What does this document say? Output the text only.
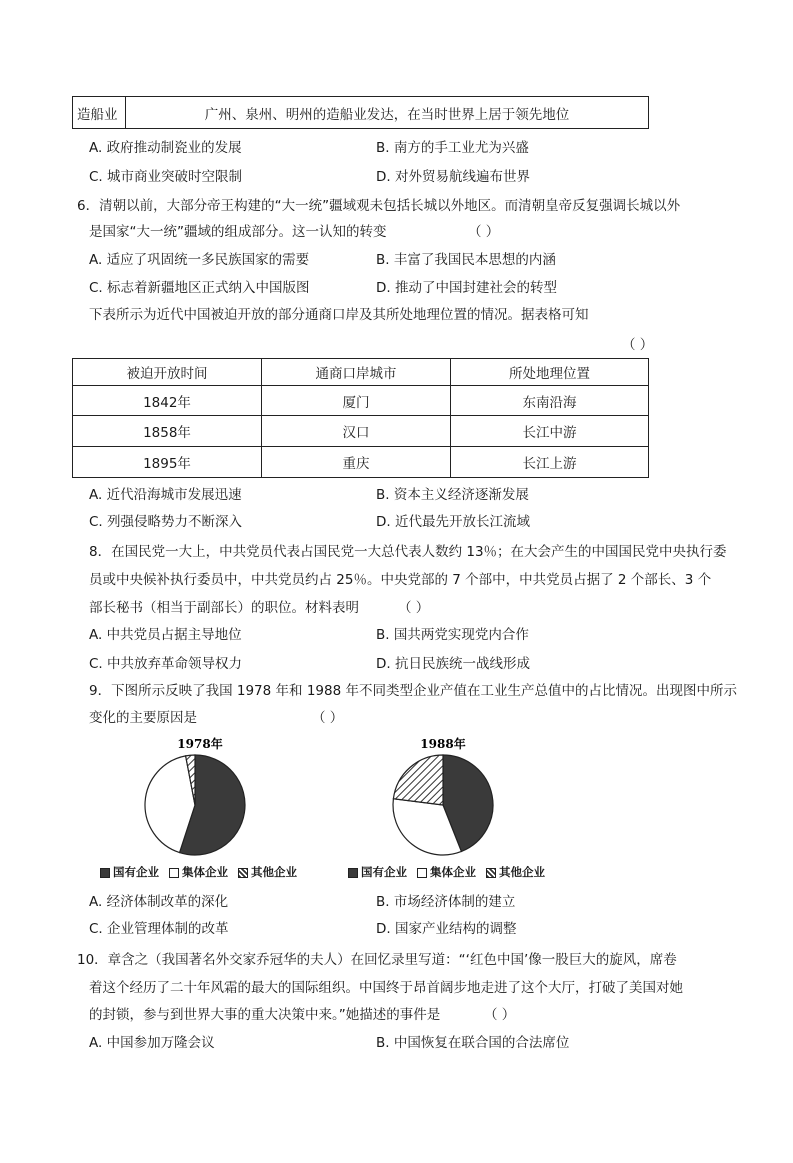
造船业	广州、泉州、明州的造船业发达，在当时世界上居于领先地位
A. 政府推动制瓷业的发展	B. 南方的手工业尤为兴盛
C. 城市商业突破时空限制	D. 对外贸易航线遍布世界
6．清朝以前，大部分帝王构建的“大一统”疆域观未包括长城以外地区。而清朝皇帝反复强调长城以外
是国家“大一统”疆域的组成部分。这一认知的转变	（ ）
A. 适应了巩固统一多民族国家的需要	B. 丰富了我国民本思想的内涵
C. 标志着新疆地区正式纳入中国版图	D. 推动了中国封建社会的转型
下表所示为近代中国被迫开放的部分通商口岸及其所处地理位置的情况。据表格可知
（ ）
被迫开放时间	通商口岸城市	所处地理位置
1842年	厦门	东南沿海
1858年	汉口	长江中游
1895年	重庆	长江上游
A. 近代沿海城市发展迅速	B. 资本主义经济逐渐发展
C. 列强侵略势力不断深入	D. 近代最先开放长江流域
8．在国民党一大上，中共党员代表占国民党一大总代表人数约 13％；在大会产生的中国国民党中央执行委
员或中央候补执行委员中，中共党员约占 25％。中央党部的 7 个部中，中共党员占据了 2 个部长、3 个
部长秘书（相当于副部长）的职位。材料表明	（ ）
A. 中共党员占据主导地位	B. 国共两党实现党内合作
C. 中共放弃革命领导权力	D. 抗日民族统一战线形成
9．下图所示反映了我国 1978 年和 1988 年不同类型企业产值在工业生产总值中的占比情况。出现图中所示
变化的主要原因是	（ ）
1978年	1988年
国有企业 集体企业 其他企业	国有企业 集体企业 其他企业
A. 经济体制改革的深化	B. 市场经济体制的建立
C. 企业管理体制的改革	D. 国家产业结构的调整
10．章含之（我国著名外交家乔冠华的夫人）在回忆录里写道：“‘红色中国’像一股巨大的旋风，席卷
着这个经历了二十年风霜的最大的国际组织。中国终于昂首阔步地走进了这个大厅，打破了美国对她
的封锁，参与到世界大事的重大决策中来。”她描述的事件是	（ ）
A. 中国参加万隆会议	B. 中国恢复在联合国的合法席位
